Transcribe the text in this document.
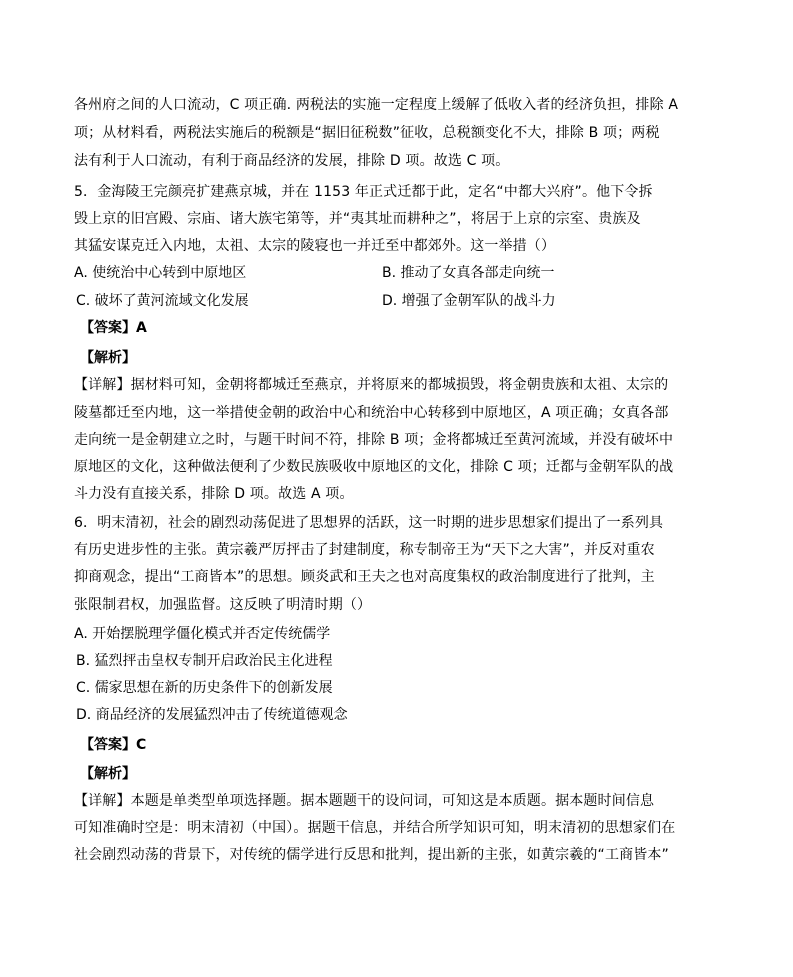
各州府之间的人口流动，C 项正确. 两税法的实施一定程度上缓解了低收入者的经济负担，排除 A
项；从材料看，两税法实施后的税额是“据旧征税数”征收，总税额变化不大，排除 B 项；两税
法有利于人口流动，有利于商品经济的发展，排除 D 项。故选 C 项。
5．金海陵王完颜亮扩建燕京城，并在 1153 年正式迁都于此，定名“中都大兴府”。他下令拆
毁上京的旧宫殿、宗庙、诸大族宅第等，并“夷其址而耕种之”，将居于上京的宗室、贵族及
其猛安谋克迁入内地，太祖、太宗的陵寝也一并迁至中都郊外。这一举措（）
A. 使统治中心转到中原地区	B. 推动了女真各部走向统一
C. 破坏了黄河流域文化发展	D. 增强了金朝军队的战斗力
【答案】A
【解析】
【详解】据材料可知，金朝将都城迁至燕京，并将原来的都城损毁，将金朝贵族和太祖、太宗的
陵墓都迁至内地，这一举措使金朝的政治中心和统治中心转移到中原地区，A 项正确；女真各部
走向统一是金朝建立之时，与题干时间不符，排除 B 项；金将都城迁至黄河流域，并没有破坏中
原地区的文化，这种做法便利了少数民族吸收中原地区的文化，排除 C 项；迁都与金朝军队的战
斗力没有直接关系，排除 D 项。故选 A 项。
6．明末清初，社会的剧烈动荡促进了思想界的活跃，这一时期的进步思想家们提出了一系列具
有历史进步性的主张。黄宗羲严厉抨击了封建制度，称专制帝王为“天下之大害”，并反对重农
抑商观念，提出“工商皆本”的思想。顾炎武和王夫之也对高度集权的政治制度进行了批判，主
张限制君权，加强监督。这反映了明清时期（）
A. 开始摆脱理学僵化模式并否定传统儒学
B. 猛烈抨击皇权专制开启政治民主化进程
C. 儒家思想在新的历史条件下的创新发展
D. 商品经济的发展猛烈冲击了传统道德观念
【答案】C
【解析】
【详解】本题是单类型单项选择题。据本题题干的设问词，可知这是本质题。据本题时间信息
可知准确时空是：明末清初（中国）。据题干信息，并结合所学知识可知，明末清初的思想家们在
社会剧烈动荡的背景下，对传统的儒学进行反思和批判，提出新的主张，如黄宗羲的“工商皆本”
